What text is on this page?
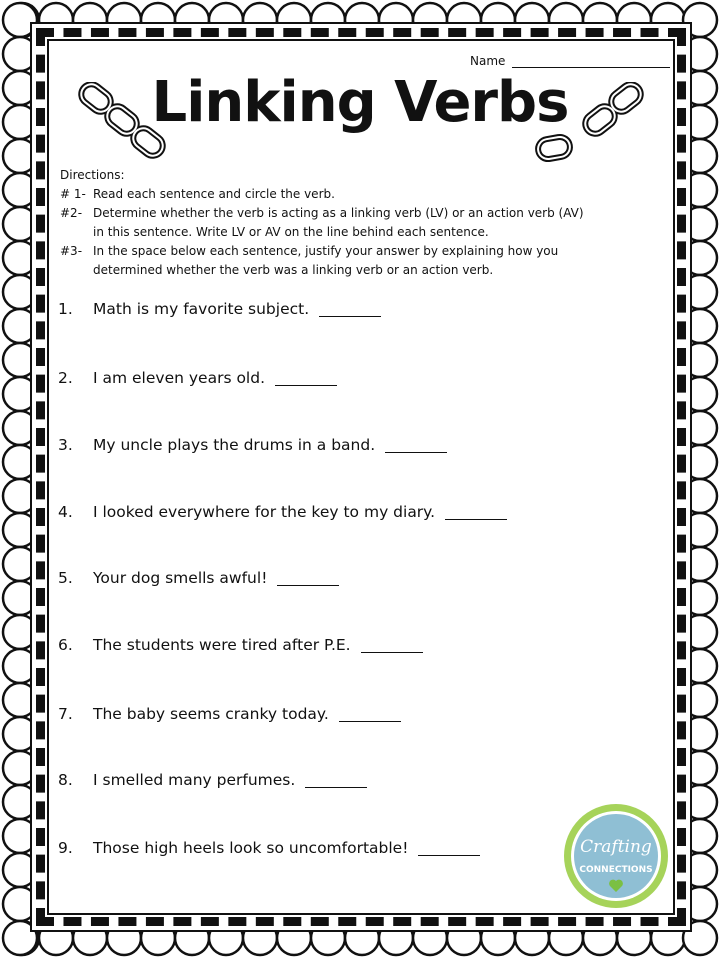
Name
Linking Verbs
Directions:
# 1- Read each sentence and circle the verb.
#2- Determine whether the verb is acting as a linking verb (LV) or an action verb (AV)
in this sentence. Write LV or AV on the line behind each sentence.
#3- In the space below each sentence, justify your answer by explaining how you
determined whether the verb was a linking verb or an action verb.
1. Math is my favorite subject.
2. I am eleven years old.
3. My uncle plays the drums in a band.
4. I looked everywhere for the key to my diary.
5. Your dog smells awful!
6. The students were tired after P.E.
7. The baby seems cranky today.
8. I smelled many perfumes.
9. Those high heels look so uncomfortable!	Crafting
CONNECTIONS
